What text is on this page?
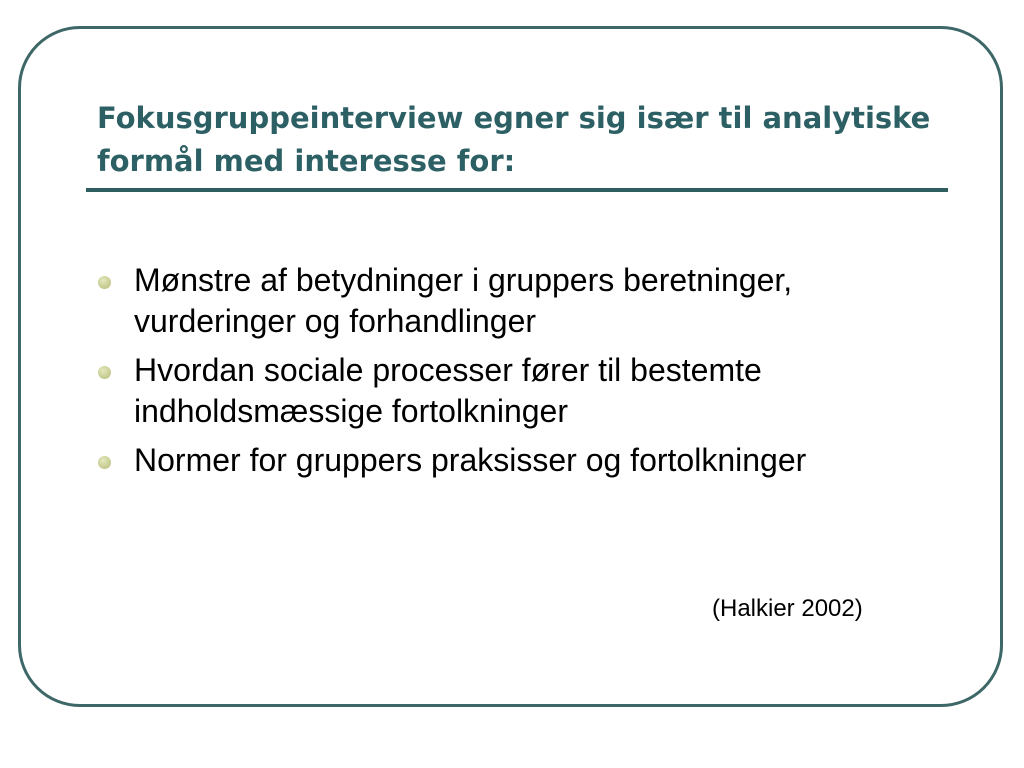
Fokusgruppeinterview egner sig især til analytiske formål med interesse for:
Mønstre af betydninger i gruppers beretninger, vurderinger og forhandlinger
Hvordan sociale processer fører til bestemte indholdsmæssige fortolkninger
Normer for gruppers praksisser og fortolkninger
(Halkier 2002)
